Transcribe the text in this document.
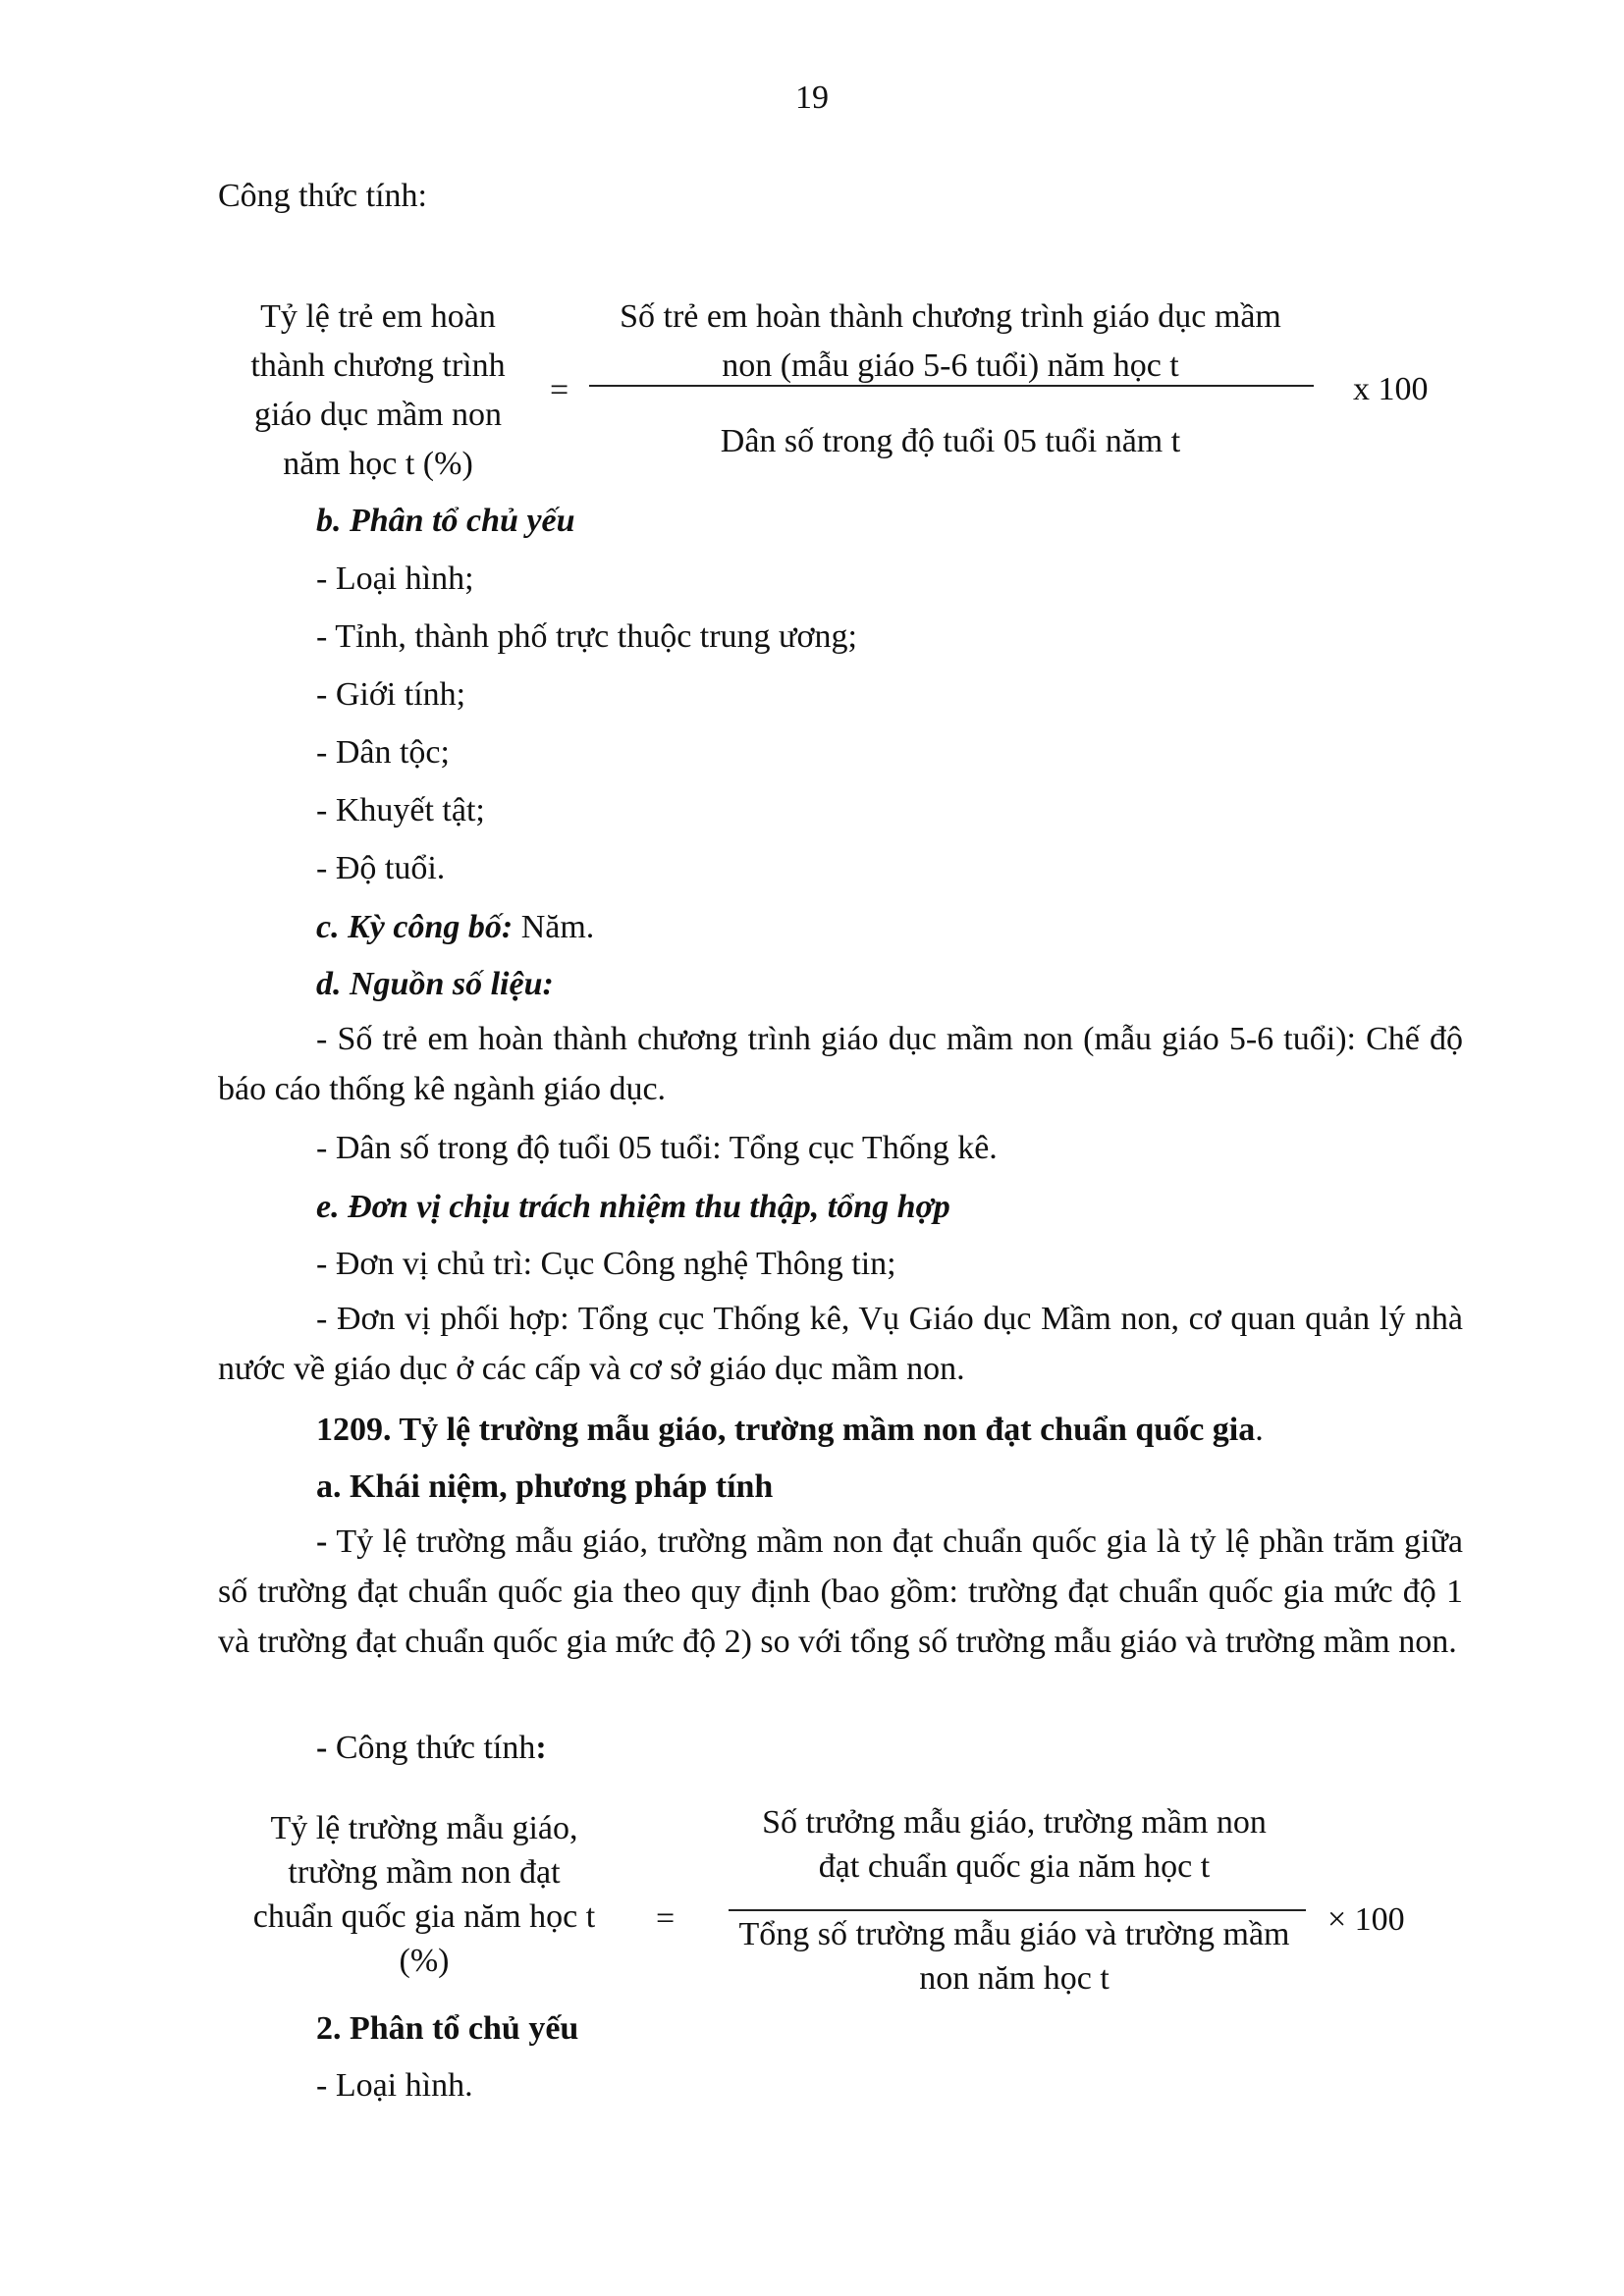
19
Công thức tính:
Tỷ lệ trẻ em hoàn
thành chương trình
giáo dục mầm non
năm học t (%)
=
Số trẻ em hoàn thành chương trình giáo dục mầm
non (mẫu giáo 5-6 tuổi) năm học t
Dân số trong độ tuổi 05 tuổi năm t
x 100
b. Phân tổ chủ yếu
- Loại hình;
- Tỉnh, thành phố trực thuộc trung ương;
- Giới tính;
- Dân tộc;
- Khuyết tật;
- Độ tuổi.
c. Kỳ công bố: Năm.
d. Nguồn số liệu:
- Số trẻ em hoàn thành chương trình giáo dục mầm non (mẫu giáo 5-6 tuổi): Chế độ báo cáo thống kê ngành giáo dục.
- Dân số trong độ tuổi 05 tuổi: Tổng cục Thống kê.
e. Đơn vị chịu trách nhiệm thu thập, tổng hợp
- Đơn vị chủ trì: Cục Công nghệ Thông tin;
- Đơn vị phối hợp: Tổng cục Thống kê, Vụ Giáo dục Mầm non, cơ quan quản lý nhà nước về giáo dục ở các cấp và cơ sở giáo dục mầm non.
1209. Tỷ lệ trường mẫu giáo, trường mầm non đạt chuẩn quốc gia.
a. Khái niệm, phương pháp tính
- Tỷ lệ trường mẫu giáo, trường mầm non đạt chuẩn quốc gia là tỷ lệ phần trăm giữa số trường đạt chuẩn quốc gia theo quy định (bao gồm: trường đạt chuẩn quốc gia mức độ 1 và trường đạt chuẩn quốc gia mức độ 2) so với tổng số trường mẫu giáo và trường mầm non.
- Công thức tính:
Tỷ lệ trường mẫu giáo,
trường mầm non đạt
chuẩn quốc gia năm học t
(%)
=
Số trưởng mẫu giáo, trường mầm non
đạt chuẩn quốc gia năm học t
Tổng số trường mẫu giáo và trường mầm
non năm học t
× 100
2. Phân tổ chủ yếu
- Loại hình.
